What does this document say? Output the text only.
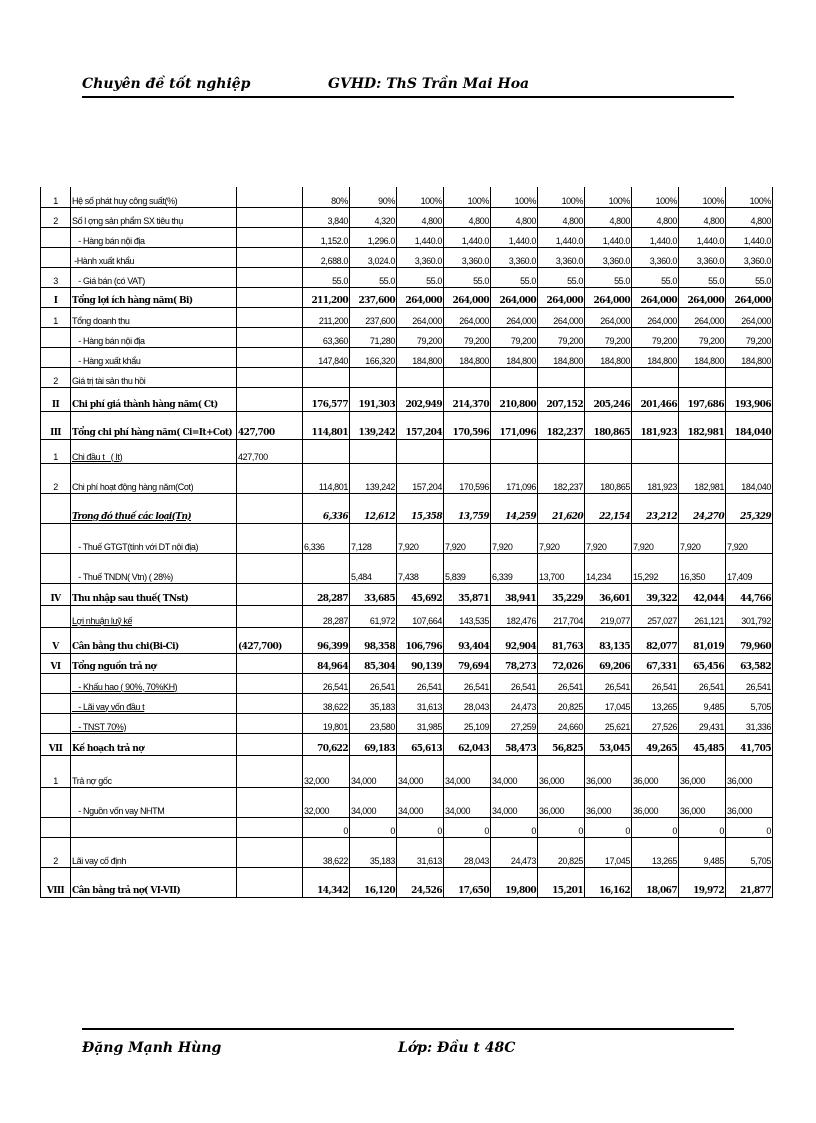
Chuyên đề tốt nghiệp	GVHD: ThS Trần Mai Hoa
1	Hệ số phát huy công suất(%)		80%	90%	100%	100%	100%	100%	100%	100%	100%	100%
2	Số l ợng sản phẩm SX tiêu thụ		3,840	4,320	4,800	4,800	4,800	4,800	4,800	4,800	4,800	4,800
	- Hàng bán nội địa		1,152.0	1,296.0	1,440.0	1,440.0	1,440.0	1,440.0	1,440.0	1,440.0	1,440.0	1,440.0
	-Hành xuất khẩu		2,688.0	3,024.0	3,360.0	3,360.0	3,360.0	3,360.0	3,360.0	3,360.0	3,360.0	3,360.0
3	- Giá bán (có VAT)		55.0	55.0	55.0	55.0	55.0	55.0	55.0	55.0	55.0	55.0
I	Tổng lợi ích hàng năm( Bi)		211,200	237,600	264,000	264,000	264,000	264,000	264,000	264,000	264,000	264,000
1	Tổng doanh thu		211,200	237,600	264,000	264,000	264,000	264,000	264,000	264,000	264,000	264,000
	- Hàng bán nội địa		63,360	71,280	79,200	79,200	79,200	79,200	79,200	79,200	79,200	79,200
	- Hàng xuất khẩu		147,840	166,320	184,800	184,800	184,800	184,800	184,800	184,800	184,800	184,800
2	Giá trị tài sản thu hồi											
II	Chi phí giá thành hàng năm( Ct)		176,577	191,303	202,949	214,370	210,800	207,152	205,246	201,466	197,686	193,906
III	Tổng chi phí hàng năm( Ci=It+Cot)	427,700	114,801	139,242	157,204	170,596	171,096	182,237	180,865	181,923	182,981	184,040
1	Chi đầu t   ( It)	427,700										
2	Chi phí hoạt động hàng năm(Cot)		114,801	139,242	157,204	170,596	171,096	182,237	180,865	181,923	182,981	184,040
	Trong đó thuế các loại(Tn)		6,336	12,612	15,358	13,759	14,259	21,620	22,154	23,212	24,270	25,329
	- Thuế GTGT(tính với DT nội địa)		6,336	7,128	7,920	7,920	7,920	7,920	7,920	7,920	7,920	7,920
	- Thuế TNDN( Vtn) ( 28%)			5,484	7,438	5,839	6,339	13,700	14,234	15,292	16,350	17,409
IV	Thu nhập sau thuế( TNst)		28,287	33,685	45,692	35,871	38,941	35,229	36,601	39,322	42,044	44,766
	Lợi nhuận luỹ kế		28,287	61,972	107,664	143,535	182,476	217,704	219,077	257,027	261,121	301,792
V	Cân bằng thu chi(Bi-Ci)	(427,700)	96,399	98,358	106,796	93,404	92,904	81,763	83,135	82,077	81,019	79,960
VI	Tổng nguồn trả nợ		84,964	85,304	90,139	79,694	78,273	72,026	69,206	67,331	65,456	63,582
	- Khấu hao ( 90%, 70%KH)		26,541	26,541	26,541	26,541	26,541	26,541	26,541	26,541	26,541	26,541
	- Lãi vay vốn đầu t		38,622	35,183	31,613	28,043	24,473	20,825	17,045	13,265	9,485	5,705
	- TNST 70%)		19,801	23,580	31,985	25,109	27,259	24,660	25,621	27,526	29,431	31,336
VII	Kế hoạch trả nợ		70,622	69,183	65,613	62,043	58,473	56,825	53,045	49,265	45,485	41,705
1	Trả nợ gốc		32,000	34,000	34,000	34,000	34,000	36,000	36,000	36,000	36,000	36,000
	- Nguồn vốn vay NHTM		32,000	34,000	34,000	34,000	34,000	36,000	36,000	36,000	36,000	36,000
			0	0	0	0	0	0	0	0	0	0
2	Lãi vay cố định		38,622	35,183	31,613	28,043	24,473	20,825	17,045	13,265	9,485	5,705
VIII	Cân bằng trả nợ( VI-VII)		14,342	16,120	24,526	17,650	19,800	15,201	16,162	18,067	19,972	21,877
Đặng Mạnh Hùng	Lớp: Đầu t 48C
